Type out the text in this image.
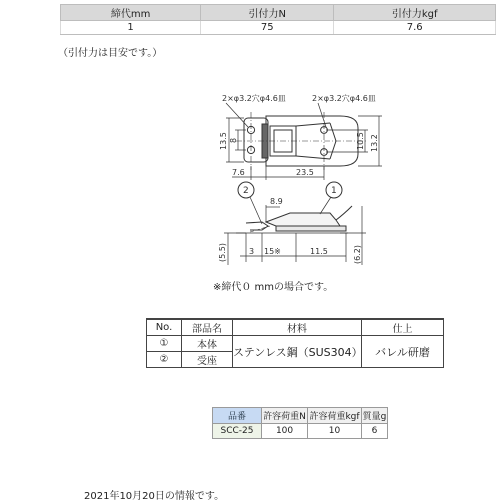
締代mm	引付力N	引付力kgf
1	75	7.6
（引付力は目安です。）
2×φ3.2穴φ4.6皿	2×φ3.2穴φ4.6皿
13.5 8	10.5 13.2
7.6	23.5
2	1
8.9
(5.5)	(6.2)
3 15※	11.5
※締代０ mmの場合です。
No.	部品名	材料	仕上
①	本体	ステンレス鋼（SUS304）	バレル研磨
②	受座		
品番	許容荷重N	許容荷重kgf	質量g
SCC-25	100	10	6
2021年10月20日の情報です。
